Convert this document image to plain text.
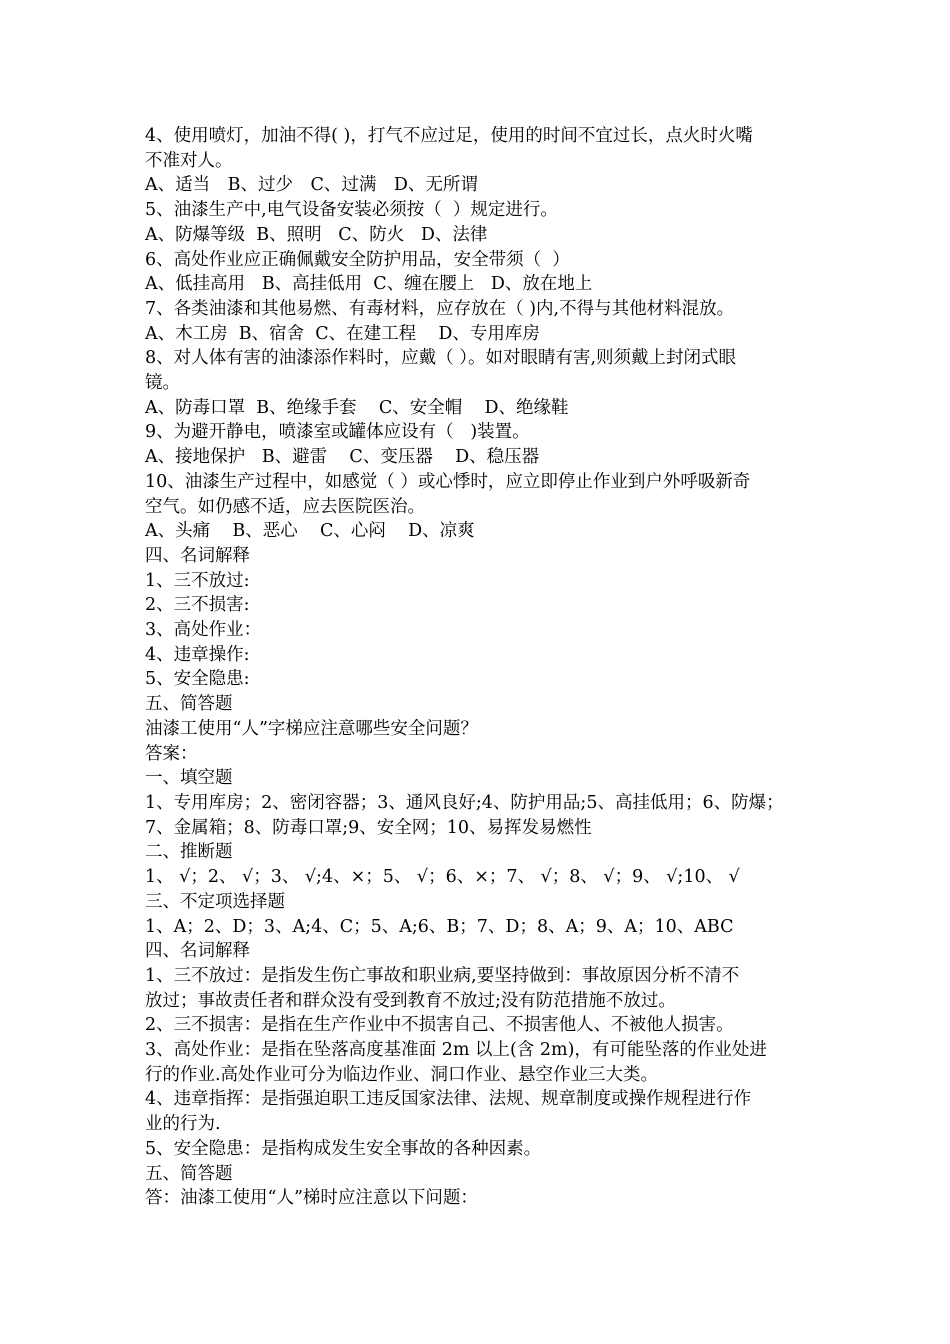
4、使用喷灯，加油不得( )，打气不应过足，使用的时间不宜过长，点火时火嘴

不准对人。

A、适当　B、过少　C、过满　D、无所谓

5、油漆生产中,电气设备安装必须按（  ）规定进行。

A、防爆等级  B、照明   C、防火   D、法律

6、高处作业应正确佩戴安全防护用品，安全带须（  ）

A、低挂高用   B、高挂低用  C、缠在腰上   D、放在地上

7、各类油漆和其他易燃、有毒材料，应存放在（ )内,不得与其他材料混放。

A、木工房  B、宿舍  C、在建工程    D、专用库房

8、对人体有害的油漆添作料时，应戴（ ）。如对眼睛有害,则须戴上封闭式眼

镜。

A、防毒口罩  B、绝缘手套    C、安全帽    D、绝缘鞋

9、为避开静电，喷漆室或罐体应设有（   )装置。

A、接地保护   B、避雷    C、变压器    D、稳压器

10、油漆生产过程中，如感觉（ ）或心悸时，应立即停止作业到户外呼吸新奇

空气。如仍感不适，应去医院医治。

A、头痛    B、恶心    C、心闷    D、凉爽

四、名词解释

1、三不放过:

2、三不损害:

3、高处作业：

4、违章操作:

5、安全隐患:

五、简答题

油漆工使用“人”字梯应注意哪些安全问题？

答案：

一、填空题

1、专用库房；2、密闭容器；3、通风良好;4、防护用品;5、高挂低用；6、防爆；

7、金属箱；8、防毒口罩;9、安全网；10、易挥发易燃性

二、推断题

1、 √；2、 √；3、 √;4、×；5、 √；6、×；7、 √；8、 √；9、 √;10、 √

三、不定项选择题

1、A；2、D；3、A;4、C；5、A;6、B；7、D；8、A；9、A；10、ABC

四、名词解释

1、三不放过：是指发生伤亡事故和职业病,要坚持做到：事故原因分析不清不

放过；事故责任者和群众没有受到教育不放过;没有防范措施不放过。

2、三不损害：是指在生产作业中不损害自己、不损害他人、不被他人损害。

3、高处作业：是指在坠落高度基准面 2m 以上(含 2m)，有可能坠落的作业处进

行的作业.高处作业可分为临边作业、洞口作业、悬空作业三大类。

4、违章指挥：是指强迫职工违反国家法律、法规、规章制度或操作规程进行作

业的行为.

5、安全隐患：是指构成发生安全事故的各种因素。

五、简答题

答：油漆工使用“人”梯时应注意以下问题：
